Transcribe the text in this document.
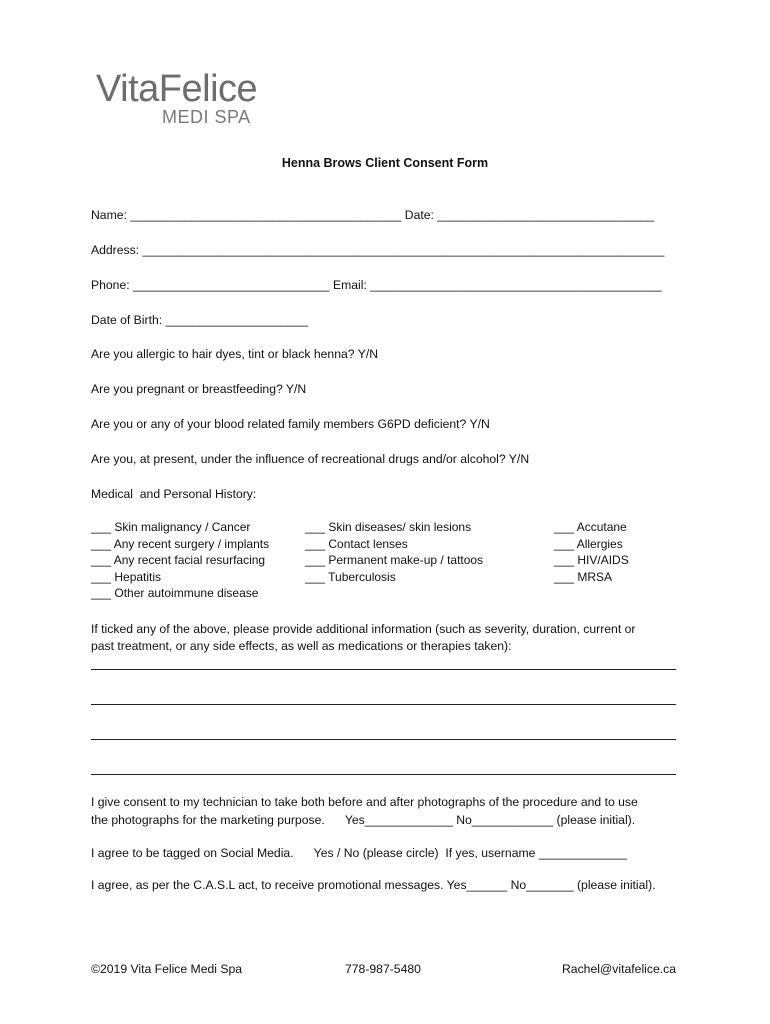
VitaFelice
MEDI SPA
Henna Brows Client Consent Form
Name: ________________________________________ Date: ________________________________
Address: _____________________________________________________________________________
Phone: _____________________________ Email: ___________________________________________
Date of Birth: _____________________
Are you allergic to hair dyes, tint or black henna? Y/N
Are you pregnant or breastfeeding? Y/N
Are you or any of your blood related family members G6PD deficient? Y/N
Are you, at present, under the influence of recreational drugs and/or alcohol? Y/N
Medical  and Personal History:
___ Skin malignancy / Cancer
___ Any recent surgery / implants
___ Any recent facial resurfacing
___ Hepatitis
___ Other autoimmune disease
___ Skin diseases/ skin lesions
___ Contact lenses
___ Permanent make-up / tattoos
___ Tuberculosis
___ Accutane
___ Allergies
___ HIV/AIDS
___ MRSA
If ticked any of the above, please provide additional information (such as severity, duration, current or
past treatment, or any side effects, as well as medications or therapies taken):
I give consent to my technician to take both before and after photographs of the procedure and to use
the photographs for the marketing purpose.      Yes_____________ No____________ (please initial).
I agree to be tagged on Social Media.      Yes / No (please circle)  If yes, username _____________
I agree, as per the C.A.S.L act, to receive promotional messages. Yes______ No_______ (please initial).
©2019 Vita Felice Medi Spa	778-987-5480	Rachel@vitafelice.ca
